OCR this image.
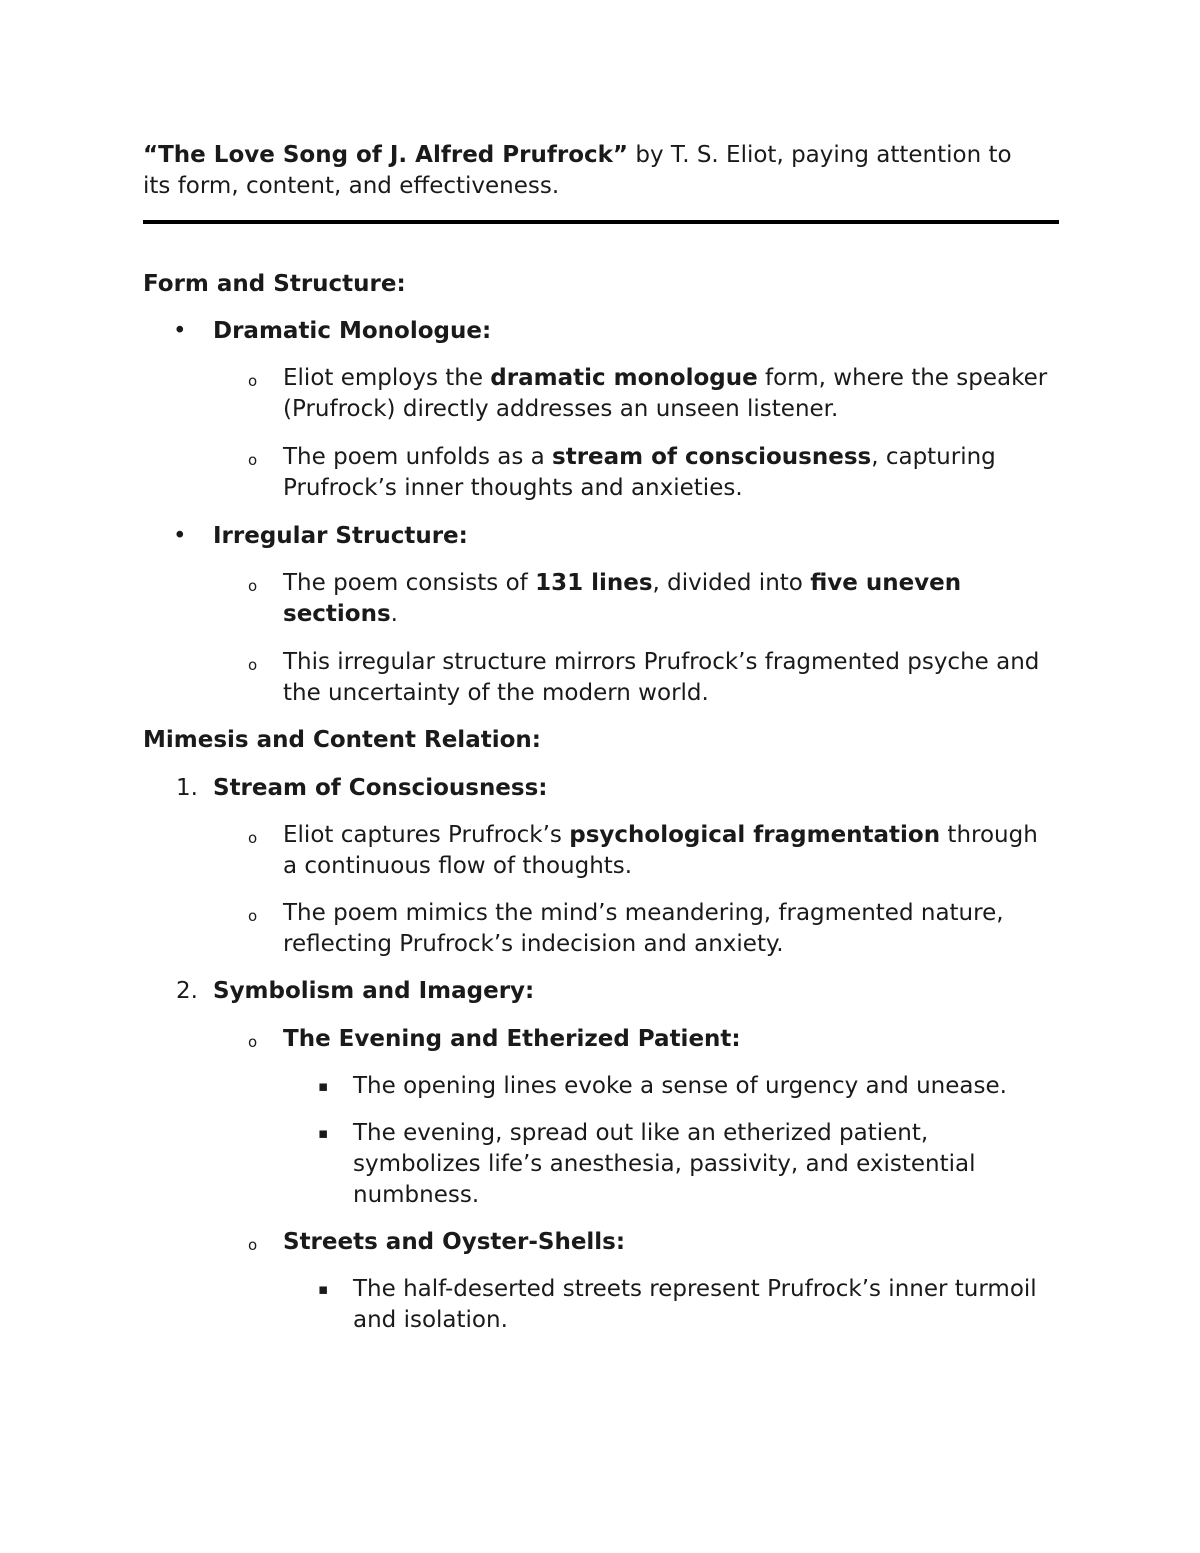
“The Love Song of J. Alfred Prufrock” by T. S. Eliot, paying attention to
its form, content, and effectiveness.

Form and Structure:

• Dramatic Monologue:
o Eliot employs the dramatic monologue form, where the speaker (Prufrock) directly addresses an unseen listener.
o The poem unfolds as a stream of consciousness, capturing Prufrock’s inner thoughts and anxieties.
• Irregular Structure:
o The poem consists of 131 lines, divided into five uneven sections.
o This irregular structure mirrors Prufrock’s fragmented psyche and the uncertainty of the modern world.

Mimesis and Content Relation:

1. Stream of Consciousness:
o Eliot captures Prufrock’s psychological fragmentation through a continuous flow of thoughts.
o The poem mimics the mind’s meandering, fragmented nature, reflecting Prufrock’s indecision and anxiety.
2. Symbolism and Imagery:
o The Evening and Etherized Patient:
▪ The opening lines evoke a sense of urgency and unease.
▪ The evening, spread out like an etherized patient, symbolizes life’s anesthesia, passivity, and existential numbness.
o Streets and Oyster-Shells:
▪ The half-deserted streets represent Prufrock’s inner turmoil and isolation.
